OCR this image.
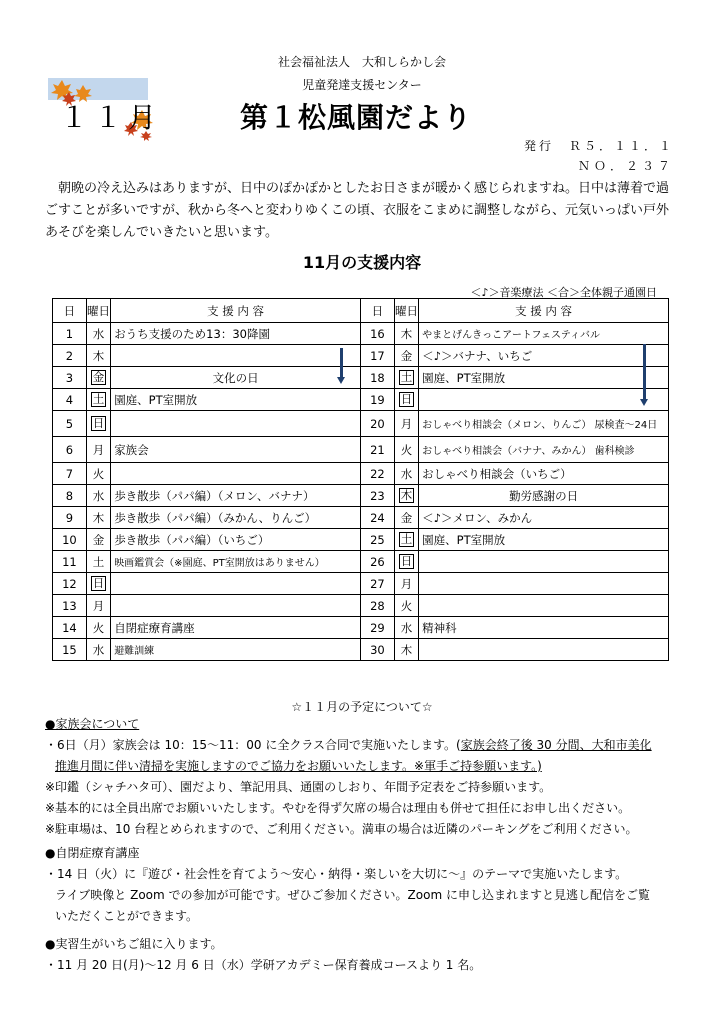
社会福祉法人　大和しらかし会
児童発達支援センター
１１月	第１松風園だより
発行　Ｒ５．１１．１
ＮＯ．２３７
朝晩の冷え込みはありますが、日中のぽかぽかとしたお日さまが暖かく感じられますね。日中は薄着で過ごすことが多いですが、秋から冬へと変わりゆくこの頃、衣服をこまめに調整しながら、元気いっぱい戸外あそびを楽しんでいきたいと思います。
11月の支援内容
＜♪＞音楽療法 ＜合＞全体親子通園日
日	曜日	支 援 内 容	日	曜日	支 援 内 容
1	水	おうち支援のため13：30降園	16	木	やまとげんきっこアートフェスティバル
2	木		17	金	＜♪＞バナナ、いちご
3	金	文化の日	18	土	園庭、PT室開放
4	土	園庭、PT室開放	19	日	
5	日		20	月	おしゃべり相談会（メロン、りんご） 尿検査～24日
6	月	家族会	21	火	おしゃべり相談会（バナナ、みかん） 歯科検診
7	火		22	水	おしゃべり相談会（いちご）
8	水	歩き散歩（パパ編）（メロン、バナナ）	23	木	勤労感謝の日
9	木	歩き散歩（パパ編）（みかん、りんご）	24	金	＜♪＞メロン、みかん
10	金	歩き散歩（パパ編）（いちご）	25	土	園庭、PT室開放
11	土	映画鑑賞会（※園庭、PT室開放はありません）	26	日	
12	日		27	月	
13	月		28	火	
14	火	自閉症療育講座	29	水	精神科
15	水	避難訓練	30	木	
☆１１月の予定について☆
●家族会について
・6日（月）家族会は 10：15～11：00 に全クラス合同で実施いたします。(家族会終了後 30 分間、大和市美化
推進月間に伴い清掃を実施しますのでご協力をお願いいたします。※軍手ご持参願います。)
※印鑑（シャチハタ可）、園だより、筆記用具、通園のしおり、年間予定表をご持参願います。
※基本的には全員出席でお願いいたします。やむを得ず欠席の場合は理由も併せて担任にお申し出ください。
※駐車場は、10 台程とめられますので、ご利用ください。満車の場合は近隣のパーキングをご利用ください。
●自閉症療育講座
・14 日（火）に『遊び・社会性を育てよう～安心・納得・楽しいを大切に～』のテーマで実施いたします。
ライブ映像と Zoom での参加が可能です。ぜひご参加ください。Zoom に申し込まれますと見逃し配信をご覧
いただくことができます。
●実習生がいちご組に入ります。
・11 月 20 日(月)～12 月 6 日（水）学研アカデミー保育養成コースより 1 名。
